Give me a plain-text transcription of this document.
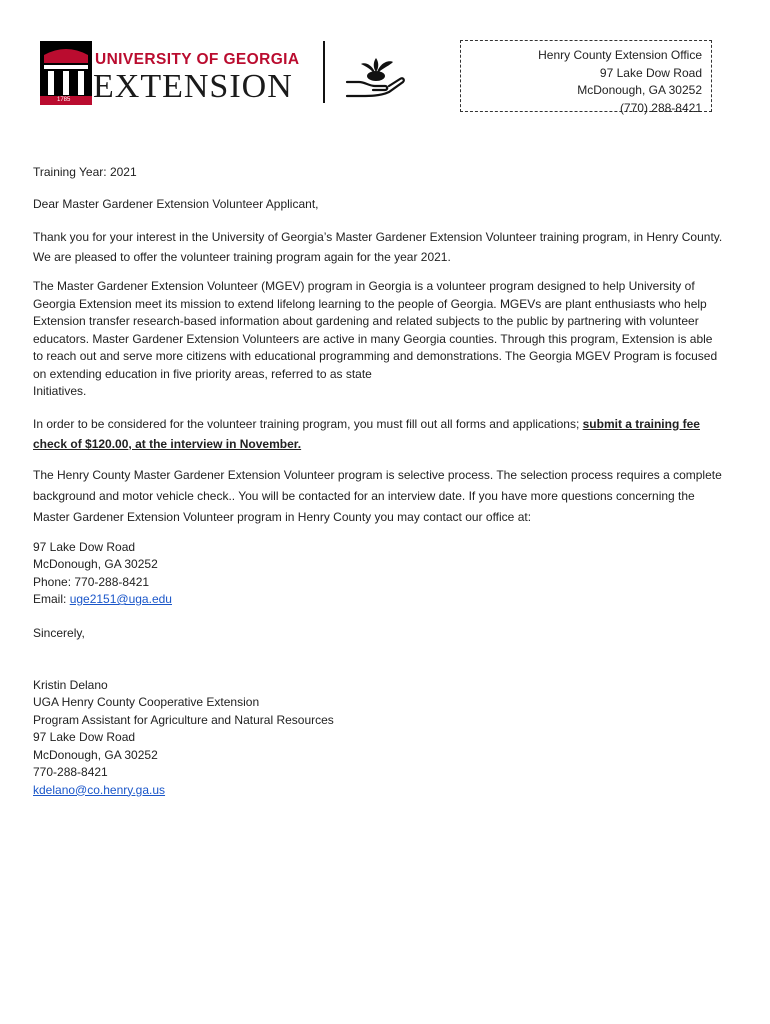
1785
UNIVERSITY OF GEORGIA
EXTENSION
Henry County Extension Office
97 Lake Dow Road
McDonough, GA 30252
(770) 288-8421

Training Year: 2021

Dear Master Gardener Extension Volunteer Applicant,

Thank you for your interest in the University of Georgia’s Master Gardener Extension Volunteer training program, in Henry County. We are pleased to offer the volunteer training program again for the year 2021.

The Master Gardener Extension Volunteer (MGEV) program in Georgia is a volunteer program designed to help University of Georgia Extension meet its mission to extend lifelong learning to the people of Georgia. MGEVs are plant enthusiasts who help Extension transfer research-based information about gardening and related subjects to the public by partnering with volunteer educators. Master Gardener Extension Volunteers are active in many Georgia counties. Through this program, Extension is able to reach out and serve more citizens with educational programming and demonstrations. The Georgia MGEV Program is focused on extending education in five priority areas, referred to as state
Initiatives.

In order to be considered for the volunteer training program, you must fill out all forms and applications; submit a training fee check of $120.00, at the interview in November.

The Henry County Master Gardener Extension Volunteer program is selective process. The selection process requires a complete background and motor vehicle check.. You will be contacted for an interview date. If you have more questions concerning the Master Gardener Extension Volunteer program in Henry County you may contact our office at:

97 Lake Dow Road
McDonough, GA 30252
Phone: 770-288-8421
Email: uge2151@uga.edu

Sincerely,

Kristin Delano
UGA Henry County Cooperative Extension
Program Assistant for Agriculture and Natural Resources
97 Lake Dow Road
McDonough, GA 30252
770-288-8421
kdelano@co.henry.ga.us
